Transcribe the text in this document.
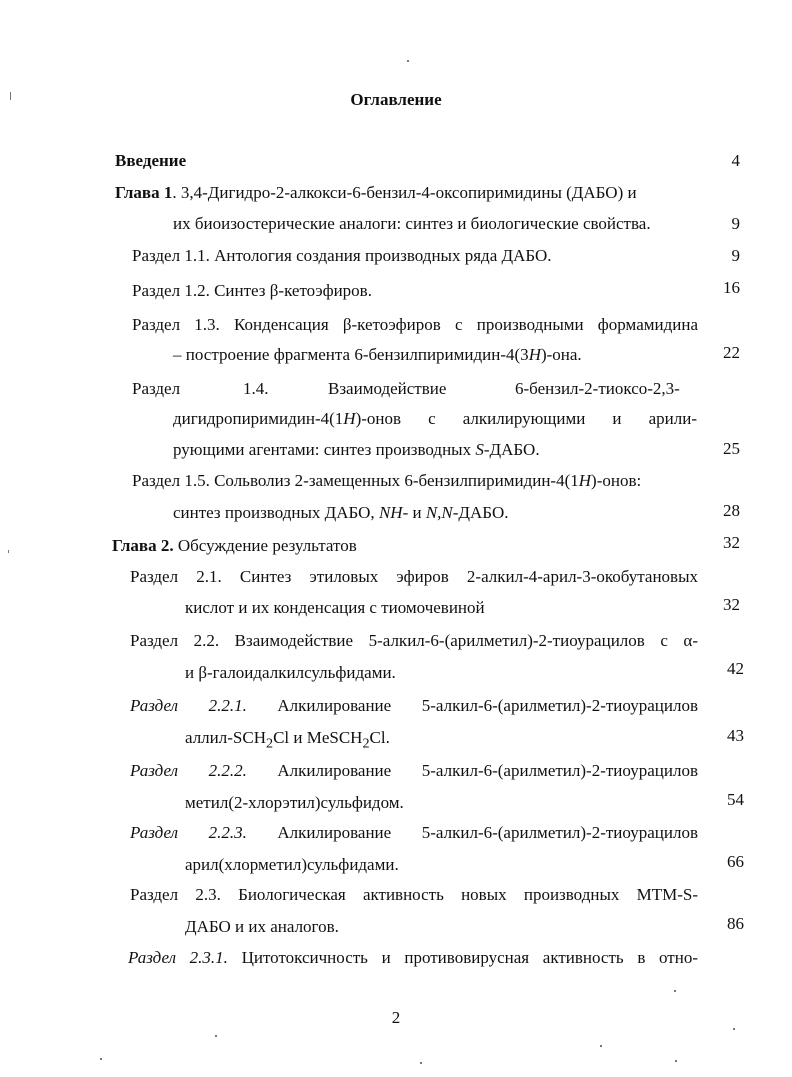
Оглавление
Введение	4
Глава 1. 3,4-Дигидро-2-алкокси-6-бензил-4-оксопиримидины (ДАБО) и
их биоизостерические аналоги: синтез и биологические свойства.	9
Раздел 1.1. Антология создания производных ряда ДАБО.	9
Раздел 1.2. Синтез β-кетоэфиров.	16
Раздел 1.3. Конденсация β-кетоэфиров с производными формамидина
– построение фрагмента 6-бензилпиримидин-4(3H)-она.	22
Раздел	1.4.	Взаимодействие	6-бензил-2-тиоксо-2,3-
дигидропиримидин-4(1H)-онов с алкилирующими и арили-
рующими агентами: синтез производных S-ДАБО.	25
Раздел 1.5. Сольволиз 2-замещенных 6-бензилпиримидин-4(1H)-онов:
синтез производных ДАБО, NH- и N,N-ДАБО.	28
Глава 2. Обсуждение результатов	32
Раздел 2.1. Синтез этиловых эфиров 2-алкил-4-арил-3-окобутановых
кислот и их конденсация с тиомочевиной	32
Раздел 2.2. Взаимодействие 5-алкил-6-(арилметил)-2-тиоурацилов с α-
и β-галоидалкилсульфидами.	42
Раздел 2.2.1. Алкилирование 5-алкил-6-(арилметил)-2-тиоурацилов
аллил-$SCH_2Cl$ и MeSCH$_2$Cl.	43
Раздел 2.2.2. Алкилирование 5-алкил-6-(арилметил)-2-тиоурацилов
метил(2-хлорэтил)сульфидом.	54
Раздел 2.2.3. Алкилирование 5-алкил-6-(арилметил)-2-тиоурацилов
арил(хлорметил)сульфидами.	66
Раздел 2.3. Биологическая активность новых производных MTM-S-
ДАБО и их аналогов.	86
Раздел 2.3.1. Цитотоксичность и противовирусная активность в отно-
2
